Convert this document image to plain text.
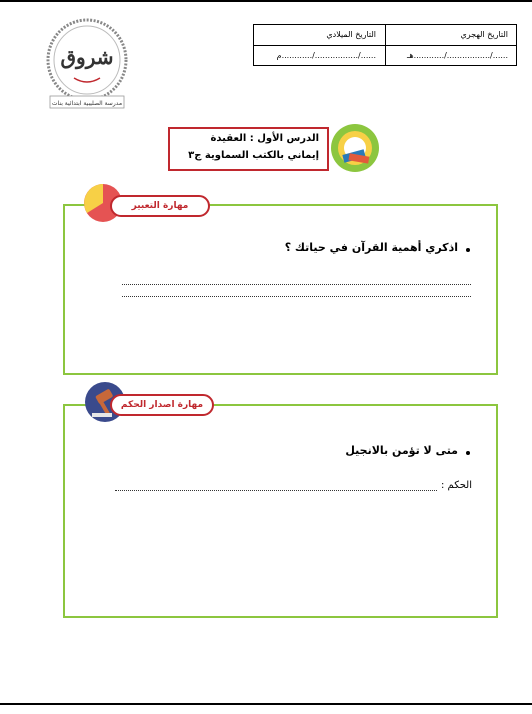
التاريخ الهجري
التاريخ الميلادي
....../................./............هـ
....../................./............م
شروق
مدرسة الصليبية ابتدائية بنات
الدرس الأول : العقيدة
إيماني بالكتب السماوية ج٣
مهارة التعبير
اذكري أهمية القرآن في حياتك ؟
مهارة اصدار الحكم
متى لا تؤمن بالانجيل
الحكم :
